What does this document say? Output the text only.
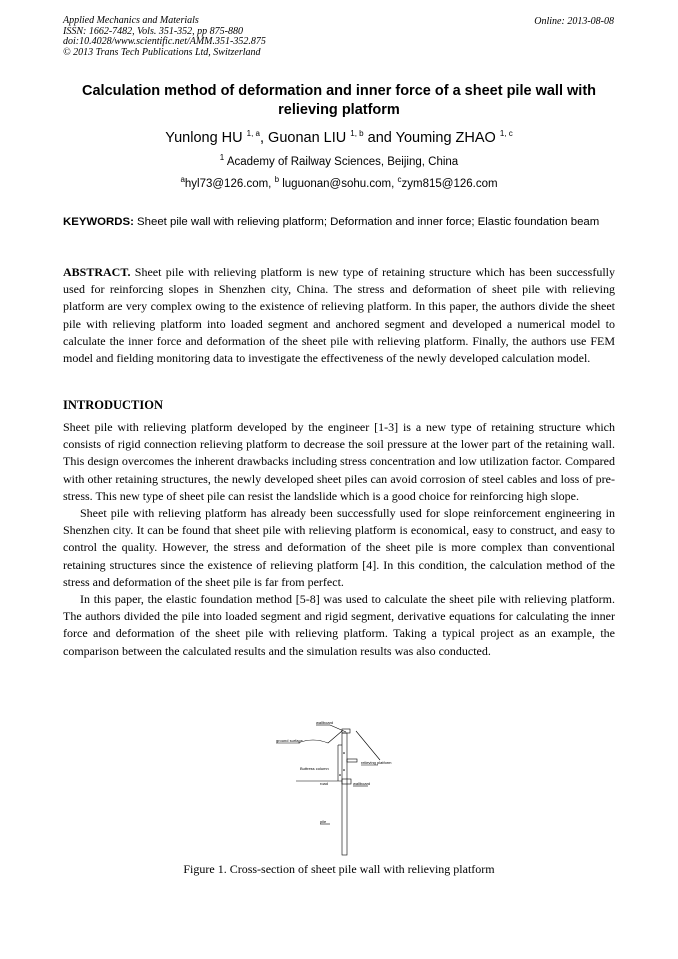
Applied Mechanics and Materials
ISSN: 1662-7482, Vols. 351-352, pp 875-880
doi:10.4028/www.scientific.net/AMM.351-352.875
© 2013 Trans Tech Publications Ltd, Switzerland
Online: 2013-08-08
Calculation method of deformation and inner force of a sheet pile wall with relieving platform
Yunlong HU $^{1, a}$, Guonan LIU $^{1, b}$ and Youming ZHAO $^{1, c}$
$^1$ Academy of Railway Sciences, Beijing, China
$^a$hyl73@126.com, $^b$ luguonan@sohu.com, $^c$zym815@126.com
KEYWORDS: Sheet pile wall with relieving platform; Deformation and inner force; Elastic foundation beam
ABSTRACT. Sheet pile with relieving platform is new type of retaining structure which has been successfully used for reinforcing slopes in Shenzhen city, China. The stress and deformation of sheet pile with relieving platform are very complex owing to the existence of relieving platform. In this paper, the authors divide the sheet pile with relieving platform into loaded segment and anchored segment and developed a numerical model to calculate the inner force and deformation of the sheet pile with relieving platform. Finally, the authors use FEM model and fielding monitoring data to investigate the effectiveness of the newly developed calculation model.
INTRODUCTION

Sheet pile with relieving platform developed by the engineer [1-3] is a new type of retaining structure which consists of rigid connection relieving platform to decrease the soil pressure at the lower part of the retaining wall. This design overcomes the inherent drawbacks including stress concentration and low utilization factor. Compared with other retaining structures, the newly developed sheet piles can avoid corrosion of steel cables and loss of pre-stress. This new type of sheet pile can resist the landslide which is a good choice for reinforcing high slope.

Sheet pile with relieving platform has already been successfully used for slope reinforcement engineering in Shenzhen city. It can be found that sheet pile with relieving platform is economical, easy to construct, and easy to control the quality. However, the stress and deformation of the sheet pile is more complex than conventional retaining structures since the existence of relieving platform [4]. In this condition, the calculation method of the stress and deformation of the sheet pile is far from perfect.

In this paper, the elastic foundation method [5-8] was used to calculate the sheet pile with relieving platform. The authors divided the pile into loaded segment and rigid segment, derivative equations for calculating the inner force and deformation of the sheet pile with relieving platform. Taking a typical project as an example, the comparison between the calculated results and the simulation results was also conducted.

wallboard
ground surface
relieving platform
Buttress column
road	wallboard
pile
Figure 1. Cross-section of sheet pile wall with relieving platform
